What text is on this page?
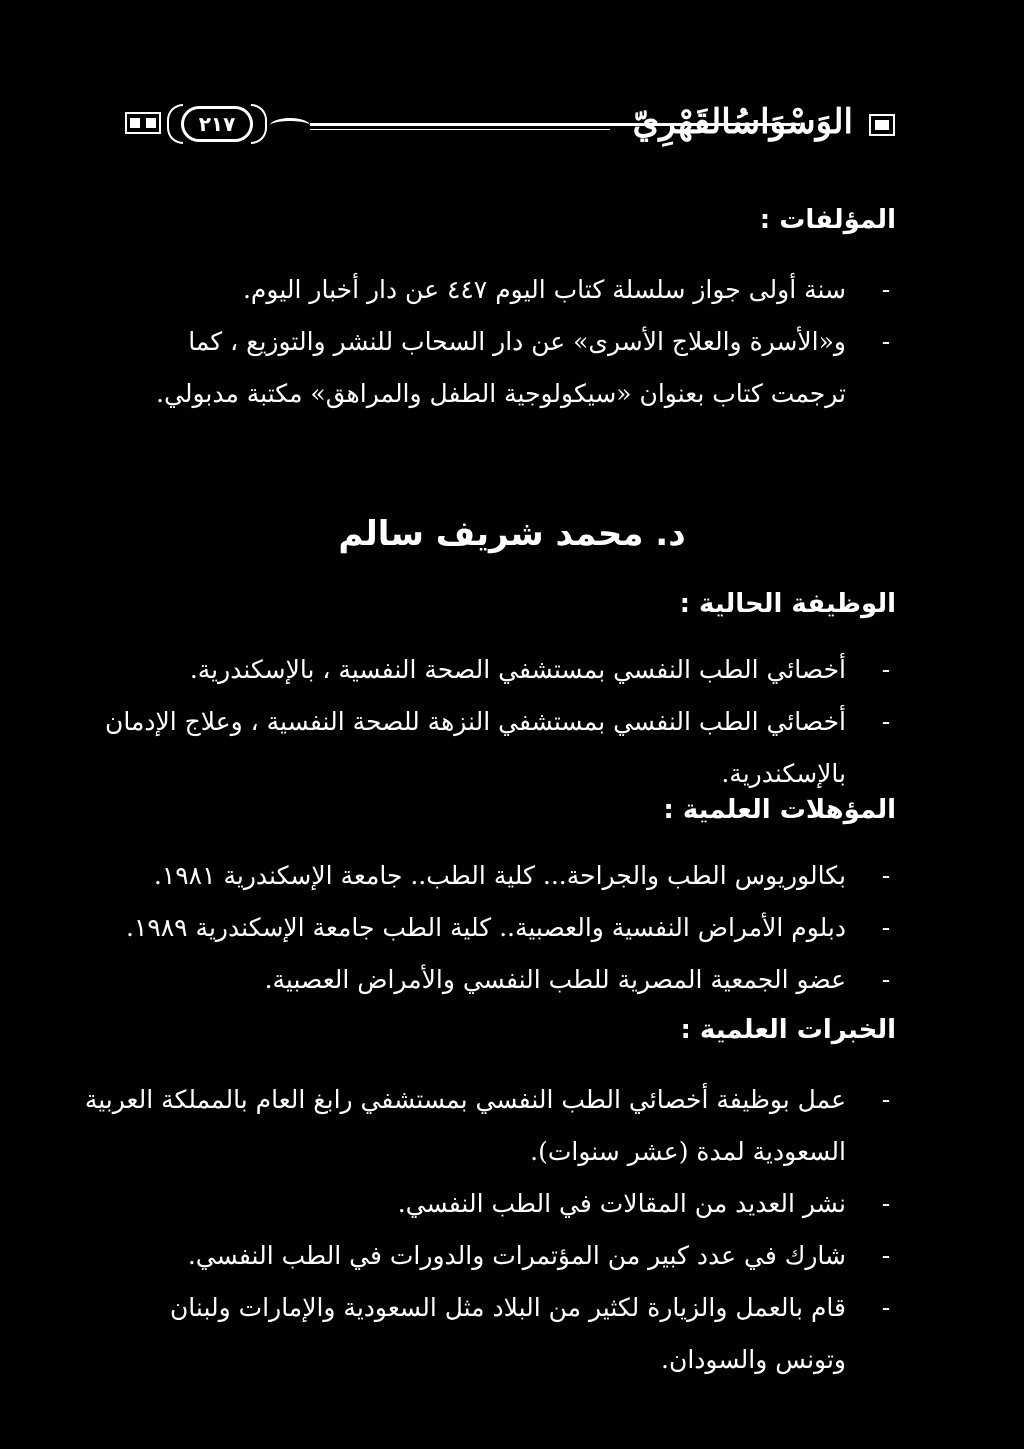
٢١٧	الوَسْوَاسُالقَهْرِيّ
المؤلفات :
-
سنة أولى جواز سلسلة كتاب اليوم ٤٤٧ عن دار أخبار اليوم.
-
و«الأسرة والعلاج الأسرى» عن دار السحاب للنشر والتوزيع ، كما
ترجمت كتاب بعنوان «سيكولوجية الطفل والمراهق» مكتبة مدبولي.
د. محمد شريف سالم
الوظيفة الحالية :
-
أخصائي الطب النفسي بمستشفي الصحة النفسية ، بالإسكندرية.
-
أخصائي الطب النفسي بمستشفي النزهة للصحة النفسية ، وعلاج الإدمان
بالإسكندرية.
المؤهلات العلمية :
-
بكالوريوس الطب والجراحة... كلية الطب.. جامعة الإسكندرية ١٩٨١.
-
دبلوم الأمراض النفسية والعصبية.. كلية الطب جامعة الإسكندرية ١٩٨٩.
-
عضو الجمعية المصرية للطب النفسي والأمراض العصبية.
الخبرات العلمية :
-
عمل بوظيفة أخصائي الطب النفسي بمستشفي رابغ العام بالمملكة العربية
السعودية لمدة (عشر سنوات).
-
نشر العديد من المقالات في الطب النفسي.
-
شارك في عدد كبير من المؤتمرات والدورات في الطب النفسي.
-
قام بالعمل والزيارة لكثير من البلاد مثل السعودية والإمارات ولبنان
وتونس والسودان.
